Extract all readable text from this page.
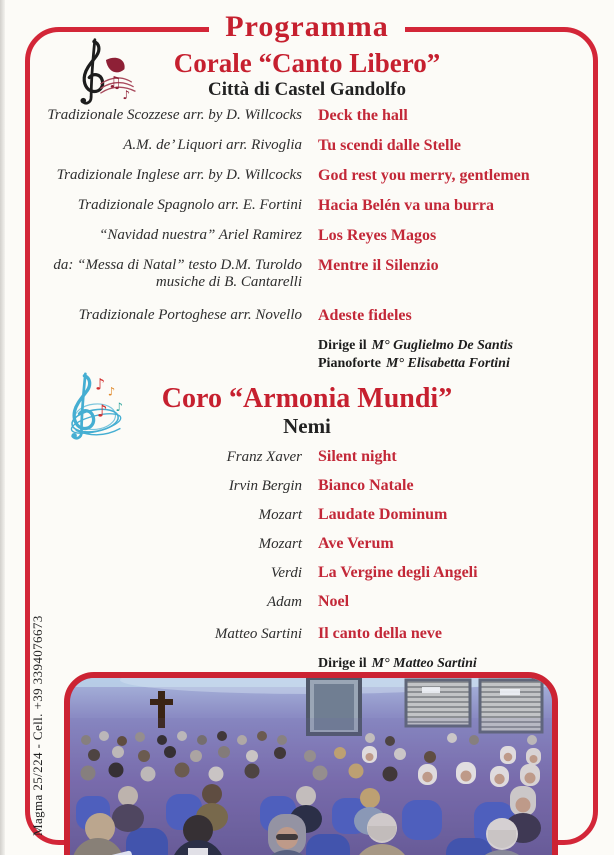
Programma
♫
♪
Corale “Canto Libero”
Città di Castel Gandolfo
Tradizionale Scozzese arr. by D. Willcocks Deck the hall
A.M. de’ Liquori arr. Rivoglia Tu scendi dalle Stelle
Tradizionale Inglese arr. by D. Willcocks God rest you merry, gentlemen
Tradizionale Spagnolo arr. E. Fortini Hacia Belén va una burra
“Navidad nuestra” Ariel Ramirez Los Reyes Magos
da: “Messa di Natal” testo D.M. Turoldo
musiche di B. Cantarelli
Mentre il Silenzio
Tradizionale Portoghese arr. Novello Adeste fideles
Dirige il M° Guglielmo De Santis
Pianoforte M° Elisabetta Fortini
♪ ♪
♪
♪	Coro “Armonia Mundi”
Nemi
Franz Xaver Silent night
Irvin Bergin Bianco Natale
Mozart Laudate Dominum
Mozart Ave Verum
Verdi La Vergine degli Angeli
Adam Noel
Matteo Sartini Il canto della neve
Dirige il M° Matteo Sartini
Magma 25/224 - Cell. +39 3394076673
